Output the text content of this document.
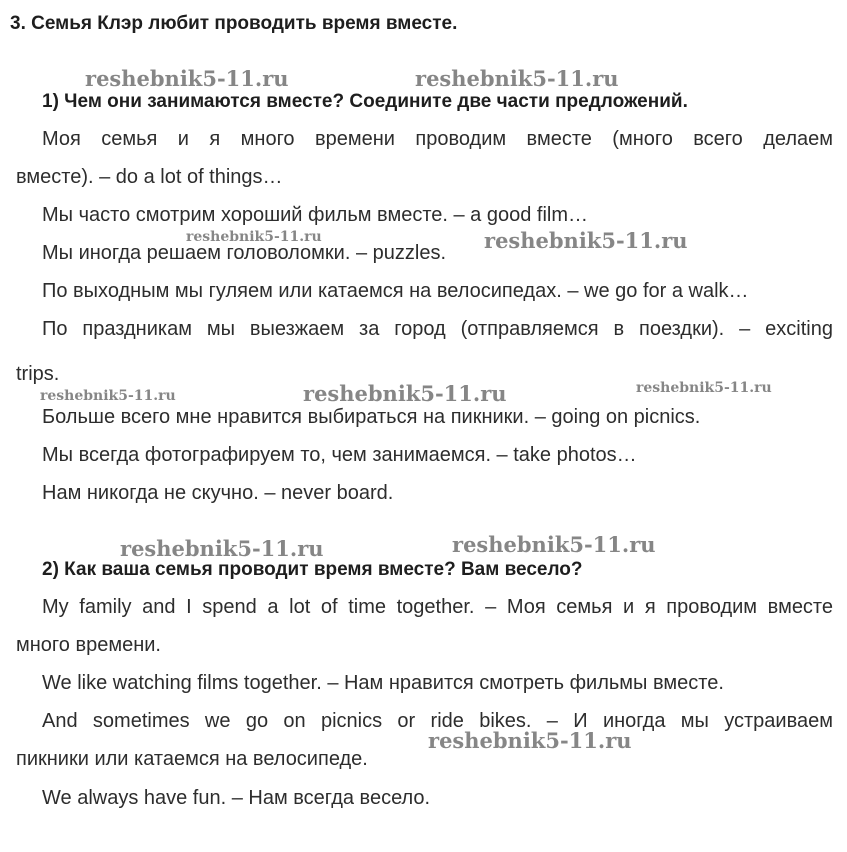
3. Семья Клэр любит проводить время вместе.
reshebnik5-11.ru	reshebnik5-11.ru
1) Чем они занимаются вместе? Соедините две части предложений.
Моя семья и я много времени проводим вместе (много всего делаем
вместе). – do a lot of things…
Мы часто смотрим хороший фильм вместе. – a good film…
reshebnik5-11.ru	reshebnik5-11.ru
Мы иногда решаем головоломки. – puzzles.
По выходным мы гуляем или катаемся на велосипедах. – we go for a walk…
По праздникам мы выезжаем за город (отправляемся в поездки). – exciting
trips.
reshebnik5-11.ru	reshebnik5-11.ru	reshebnik5-11.ru
Больше всего мне нравится выбираться на пикники. – going on picnics.
Мы всегда фотографируем то, чем занимаемся. – take photos…
Нам никогда не скучно. – never board.
reshebnik5-11.ru	reshebnik5-11.ru
2) Как ваша семья проводит время вместе? Вам весело?
My family and I spend a lot of time together. – Моя семья и я проводим вместе
много времени.
We like watching films together. – Нам нравится смотреть фильмы вместе.
And sometimes we go on picnics or ride bikes. – И иногда мы устраиваем
reshebnik5-11.ru
пикники или катаемся на велосипеде.
We always have fun. – Нам всегда весело.
